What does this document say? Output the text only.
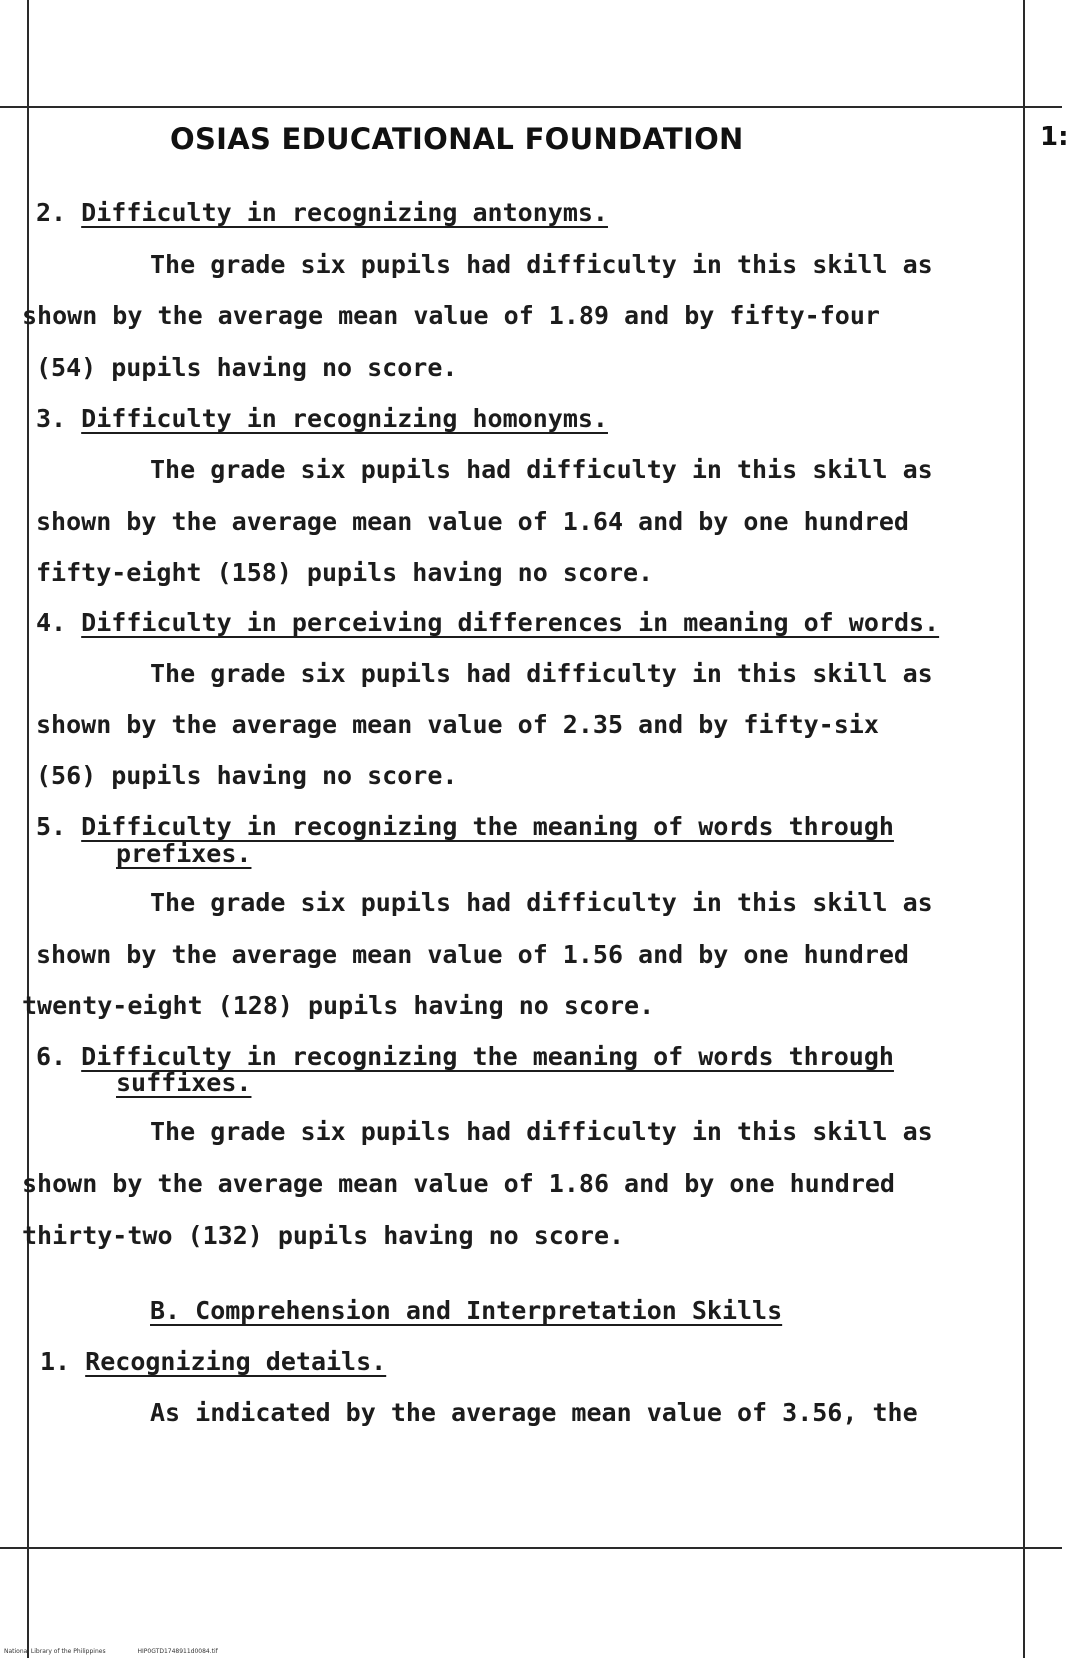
OSIAS EDUCATIONAL FOUNDATION	1:
2. Difficulty in recognizing antonyms.
The grade six pupils had difficulty in this skill as
shown by the average mean value of 1.89 and by fifty-four
(54) pupils having no score.
3. Difficulty in recognizing homonyms.
The grade six pupils had difficulty in this skill as
shown by the average mean value of 1.64 and by one hundred
fifty-eight (158) pupils having no score.
4. Difficulty in perceiving differences in meaning of words.
The grade six pupils had difficulty in this skill as
shown by the average mean value of 2.35 and by fifty-six
(56) pupils having no score.
5. Difficulty in recognizing the meaning of words through
prefixes.
The grade six pupils had difficulty in this skill as
shown by the average mean value of 1.56 and by one hundred
twenty-eight (128) pupils having no score.
6. Difficulty in recognizing the meaning of words through
suffixes.
The grade six pupils had difficulty in this skill as
shown by the average mean value of 1.86 and by one hundred
thirty-two (132) pupils having no score.
B. Comprehension and Interpretation Skills
1. Recognizing details.
As indicated by the average mean value of 3.56, the
National Library of the Philippines	HIP0GTD1748911d0084.tif
